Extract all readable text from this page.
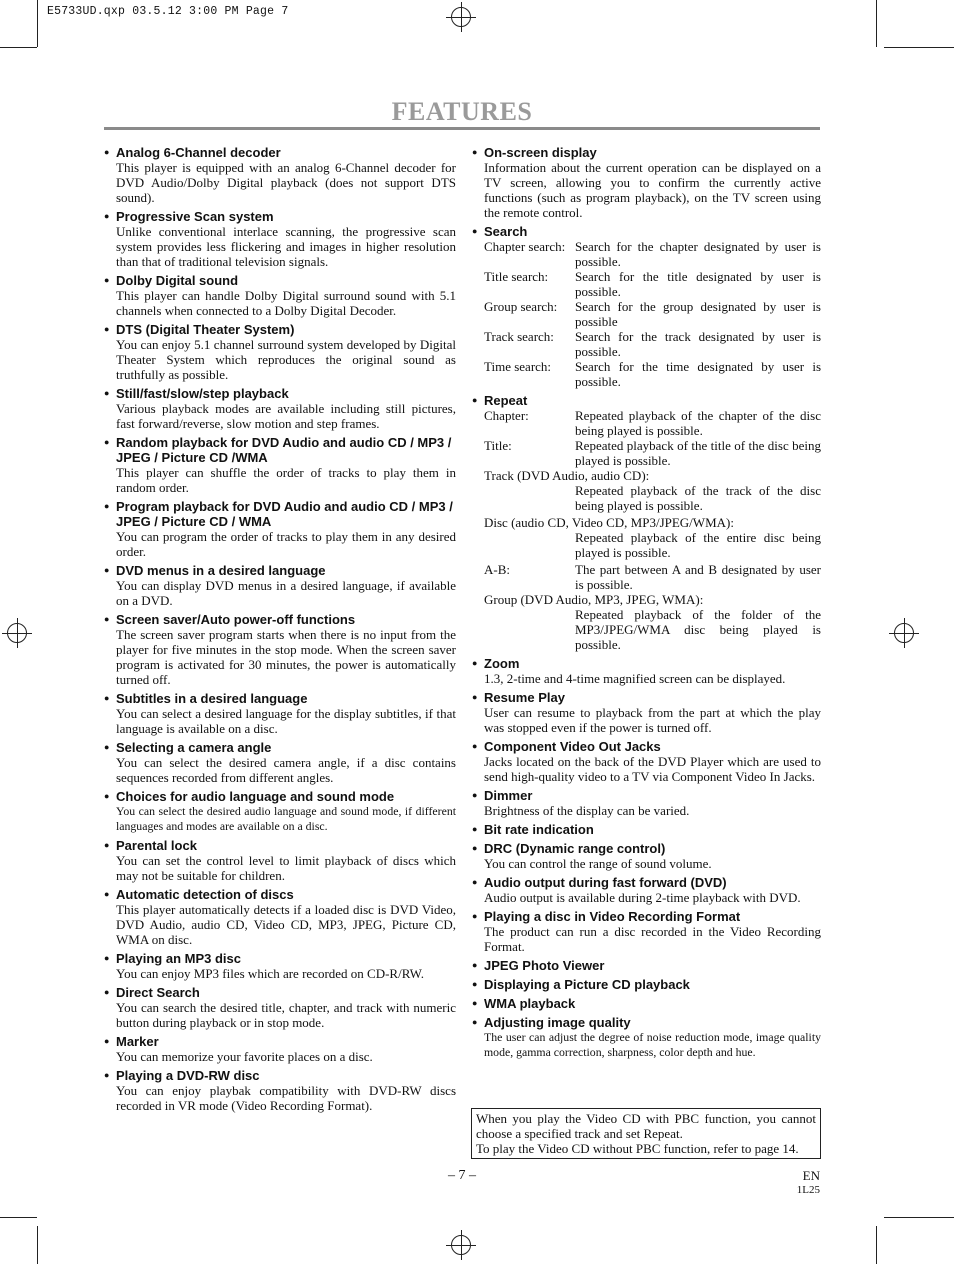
E5733UD.qxp 03.5.12 3:00 PM Page 7
FEATURES
● Analog 6-Channel decoder
This player is equipped with an analog 6-Channel decoder for DVD Audio/Dolby Digital playback (does not support DTS sound).
● Progressive Scan system
Unlike conventional interlace scanning, the progressive scan system provides less flickering and images in higher resolution than that of traditional television signals.
● Dolby Digital sound
This player can handle Dolby Digital surround sound with 5.1 channels when connected to a Dolby Digital Decoder.
● DTS (Digital Theater System)
You can enjoy 5.1 channel surround system developed by Digital Theater System which reproduces the original sound as truthfully as possible.
● Still/fast/slow/step playback
Various playback modes are available including still pictures, fast forward/reverse, slow motion and step frames.
● Random playback for DVD Audio and audio CD / MP3 / JPEG / Picture CD /WMA
This player can shuffle the order of tracks to play them in random order.
● Program playback for DVD Audio and audio CD / MP3 / JPEG / Picture CD / WMA
You can program the order of tracks to play them in any desired order.
● DVD menus in a desired language
You can display DVD menus in a desired language, if available on a DVD.
● Screen saver/Auto power-off functions
The screen saver program starts when there is no input from the player for five minutes in the stop mode. When the screen saver program is activated for 30 minutes, the power is automatically turned off.
● Subtitles in a desired language
You can select a desired language for the display subtitles, if that language is available on a disc.
● Selecting a camera angle
You can select the desired camera angle, if a disc contains sequences recorded from different angles.
● Choices for audio language and sound mode
You can select the desired audio language and sound mode, if different languages and modes are available on a disc.
● Parental lock
You can set the control level to limit playback of discs which may not be suitable for children.
● Automatic detection of discs
This player automatically detects if a loaded disc is DVD Video, DVD Audio, audio CD, Video CD, MP3, JPEG, Picture CD, WMA on disc.
● Playing an MP3 disc
You can enjoy MP3 files which are recorded on CD-R/RW.
● Direct Search
You can search the desired title, chapter, and track with numeric button during playback or in stop mode.
● Marker
You can memorize your favorite places on a disc.
● Playing a DVD-RW disc
You can enjoy playbak compatibility with DVD-RW discs recorded in VR mode (Video Recording Format).
● On-screen display
Information about the current operation can be displayed on a TV screen, allowing you to confirm the currently active functions (such as program playback), on the TV screen using the remote control.
● Search
Chapter search: Search for the chapter designated by user is possible.
Title search:	Search for the title designated by user is possible.
Group search:	Search for the group designated by user is possible
Track search:	Search for the track designated by user is possible.
Time search:	Search for the time designated by user is possible.
● Repeat
Chapter:	Repeated playback of the chapter of the disc being played is possible.
Title:	Repeated playback of the title of the disc being played is possible.
Track (DVD Audio, audio CD):
Repeated playback of the track of the disc being played is possible.
Disc (audio CD, Video CD, MP3/JPEG/WMA):
Repeated playback of the entire disc being played is possible.
A-B:	The part between A and B designated by user is possible.
Group (DVD Audio, MP3, JPEG, WMA):
Repeated playback of the folder of the MP3/JPEG/WMA disc being played is possible.
● Zoom
1.3, 2-time and 4-time magnified screen can be displayed.
● Resume Play
User can resume to playback from the part at which the play was stopped even if the power is turned off.
● Component Video Out Jacks
Jacks located on the back of the DVD Player which are used to send high-quality video to a TV via Component Video In Jacks.
● Dimmer
Brightness of the display can be varied.
● Bit rate indication
● DRC (Dynamic range control)
You can control the range of sound volume.
● Audio output during fast forward (DVD)
Audio output is available during 2-time playback with DVD.
● Playing a disc in Video Recording Format
The product can run a disc recorded in the Video Recording Format.
● JPEG Photo Viewer
● Displaying a Picture CD playback
● WMA playback
● Adjusting image quality
The user can adjust the degree of noise reduction mode, image quality mode, gamma correction, sharpness, color depth and hue.
When you play the Video CD with PBC function, you cannot choose a specified track and set Repeat.
To play the Video CD without PBC function, refer to page 14.
– 7 –	EN
1L25
